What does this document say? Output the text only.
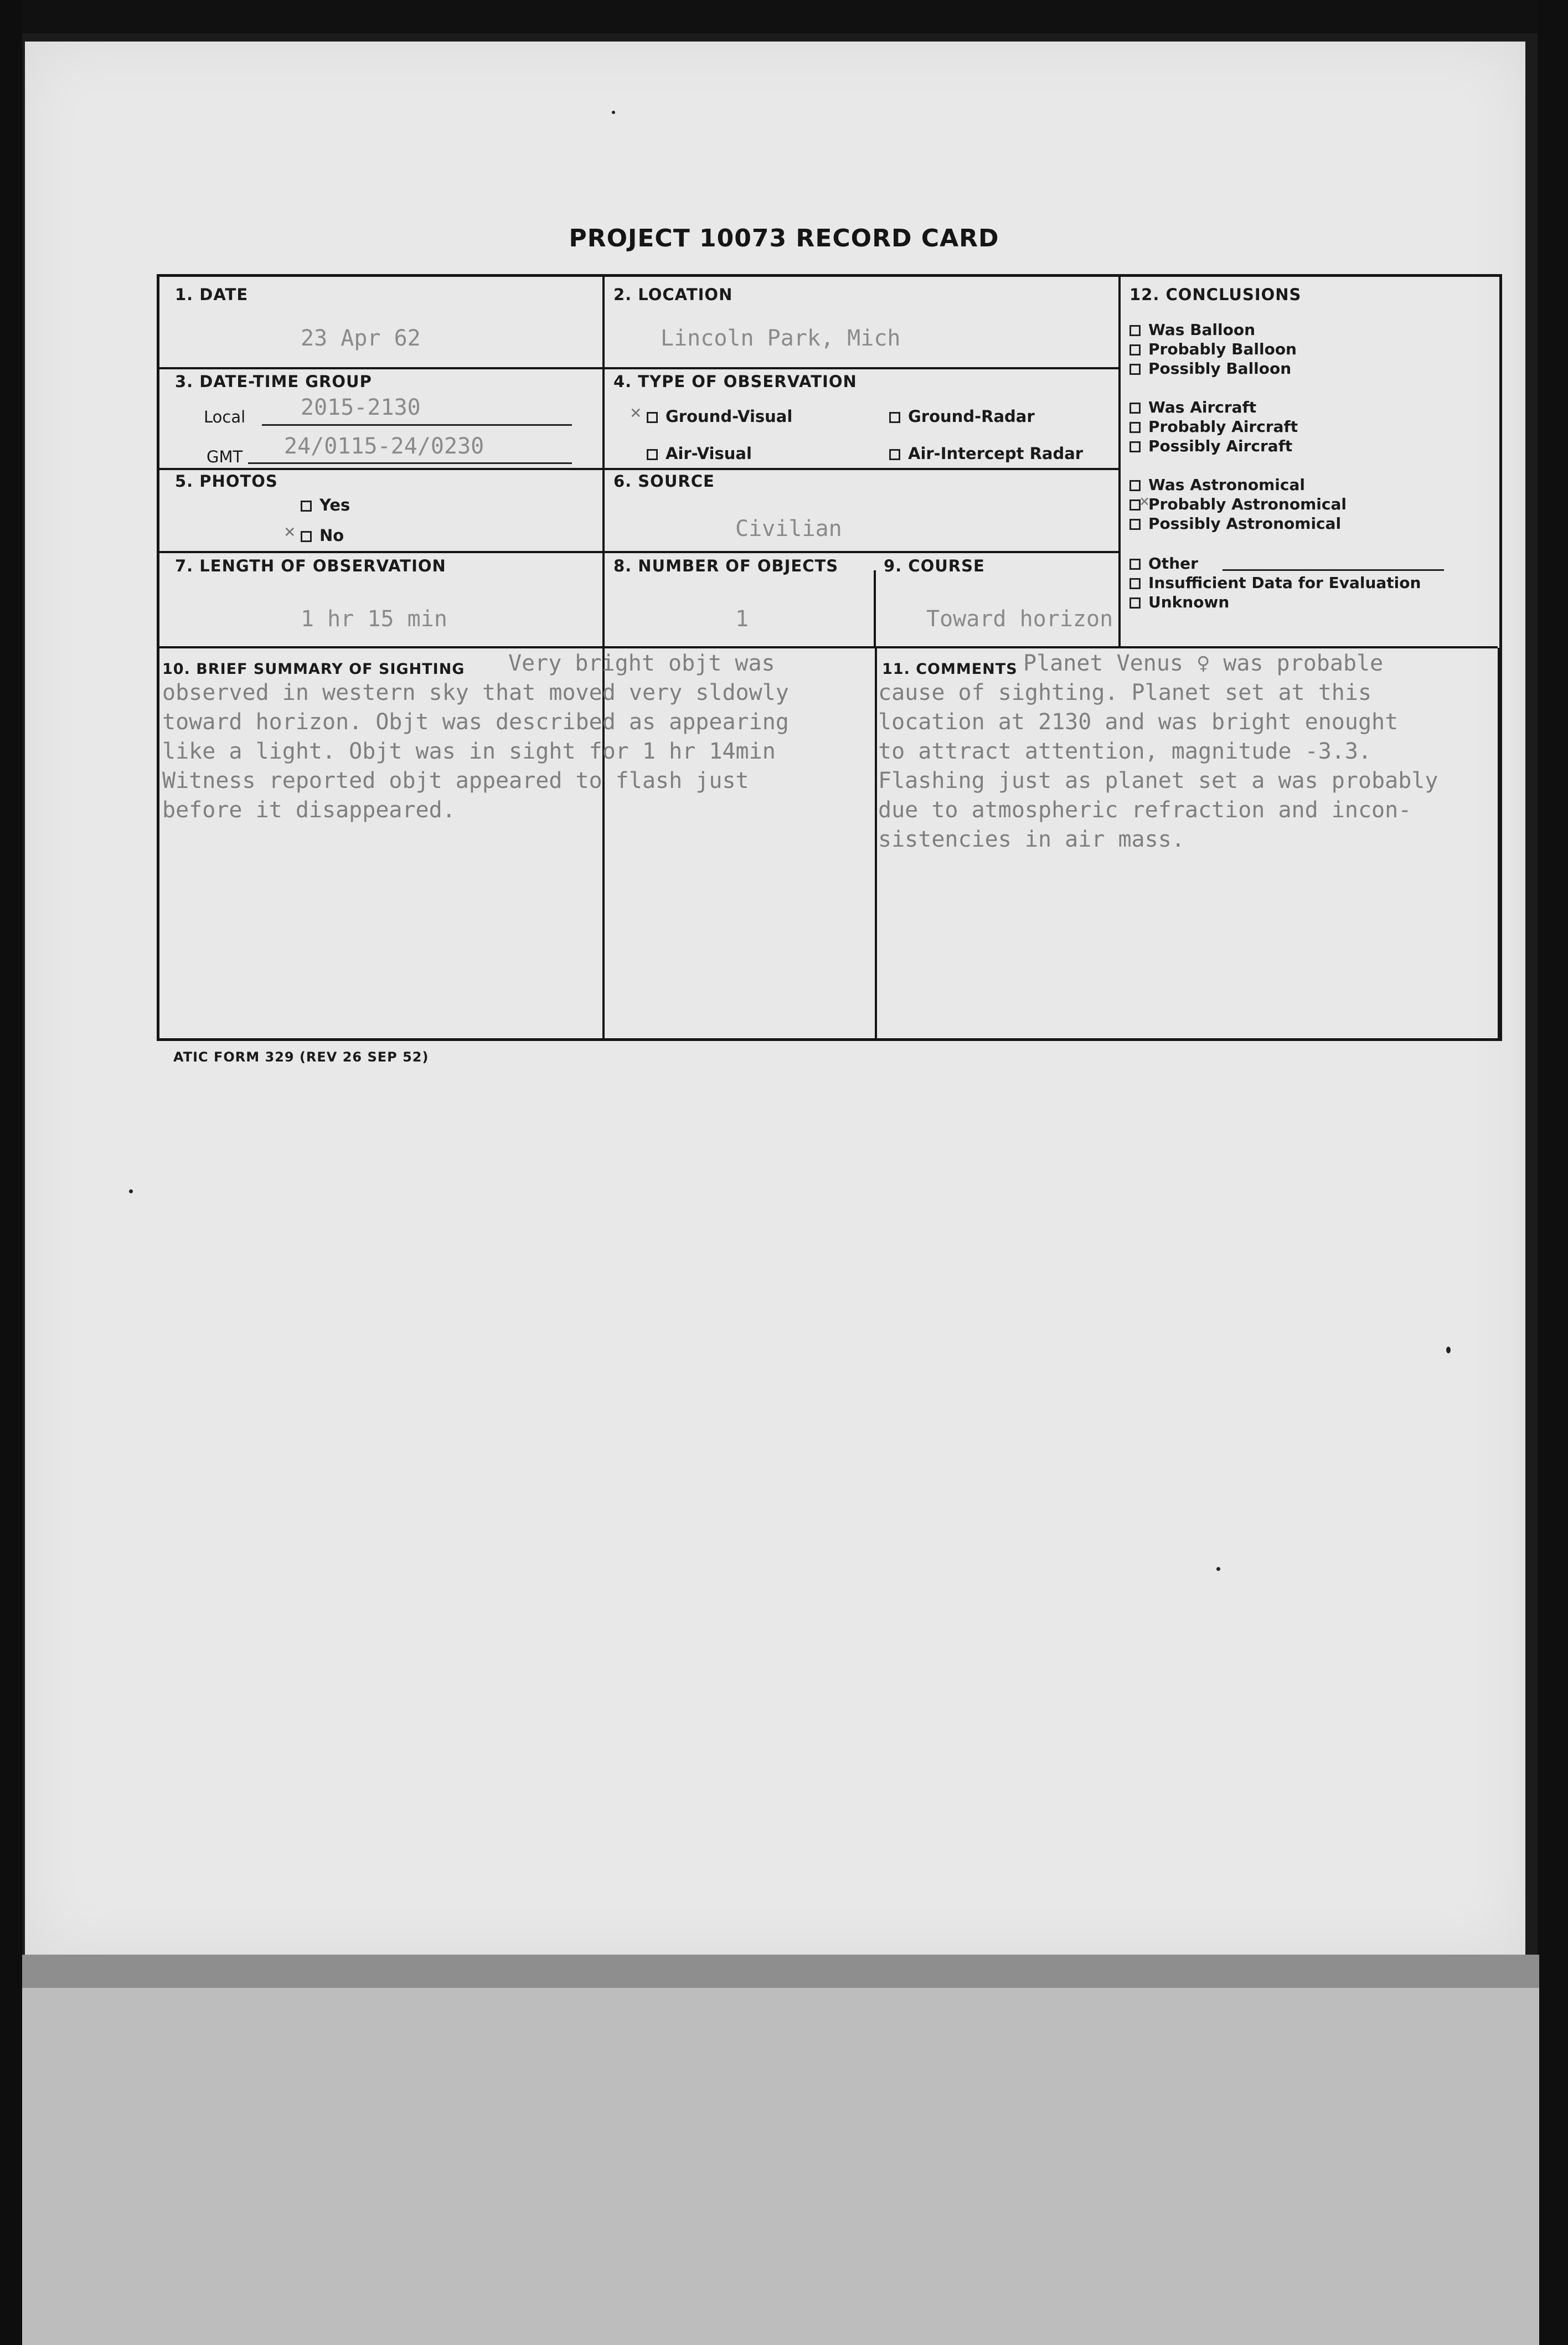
PROJECT 10073 RECORD CARD
1. DATE
23 Apr 62
2. LOCATION
Lincoln Park, Mich
3. DATE-TIME GROUP
Local 2015-2130
GMT 24/0115-24/0230
4. TYPE OF OBSERVATION
×	Ground-Visual	Ground-Radar
Air-Visual	Air-Intercept Radar
5. PHOTOS
Yes
×	No
6. SOURCE
Civilian
7. LENGTH OF OBSERVATION
1 hr 15 min
8. NUMBER OF OBJECTS
1
9. COURSE
Toward horizon
10. BRIEF SUMMARY OF SIGHTING Very bright objt was
observed in western sky that moved very sldowly
toward horizon. Objt was described as appearing
like a light. Objt was in sight for 1 hr 14min
Witness reported objt appeared to flash just
before it disappeared.
11. COMMENTS Planet Venus ♀ was probable
cause of sighting. Planet set at this
location at 2130 and was bright enought
to attract attention, magnitude -3.3.
Flashing just as planet set a was probably
due to atmospheric refraction and incon-
sistencies in air mass.
12. CONCLUSIONS
Was Balloon
Probably Balloon
Possibly Balloon
Was Aircraft
Probably Aircraft
Possibly Aircraft
Was Astronomical
×
Probably Astronomical
Possibly Astronomical
Other
Insufficient Data for Evaluation
Unknown
ATIC FORM 329 (REV 26 SEP 52)
